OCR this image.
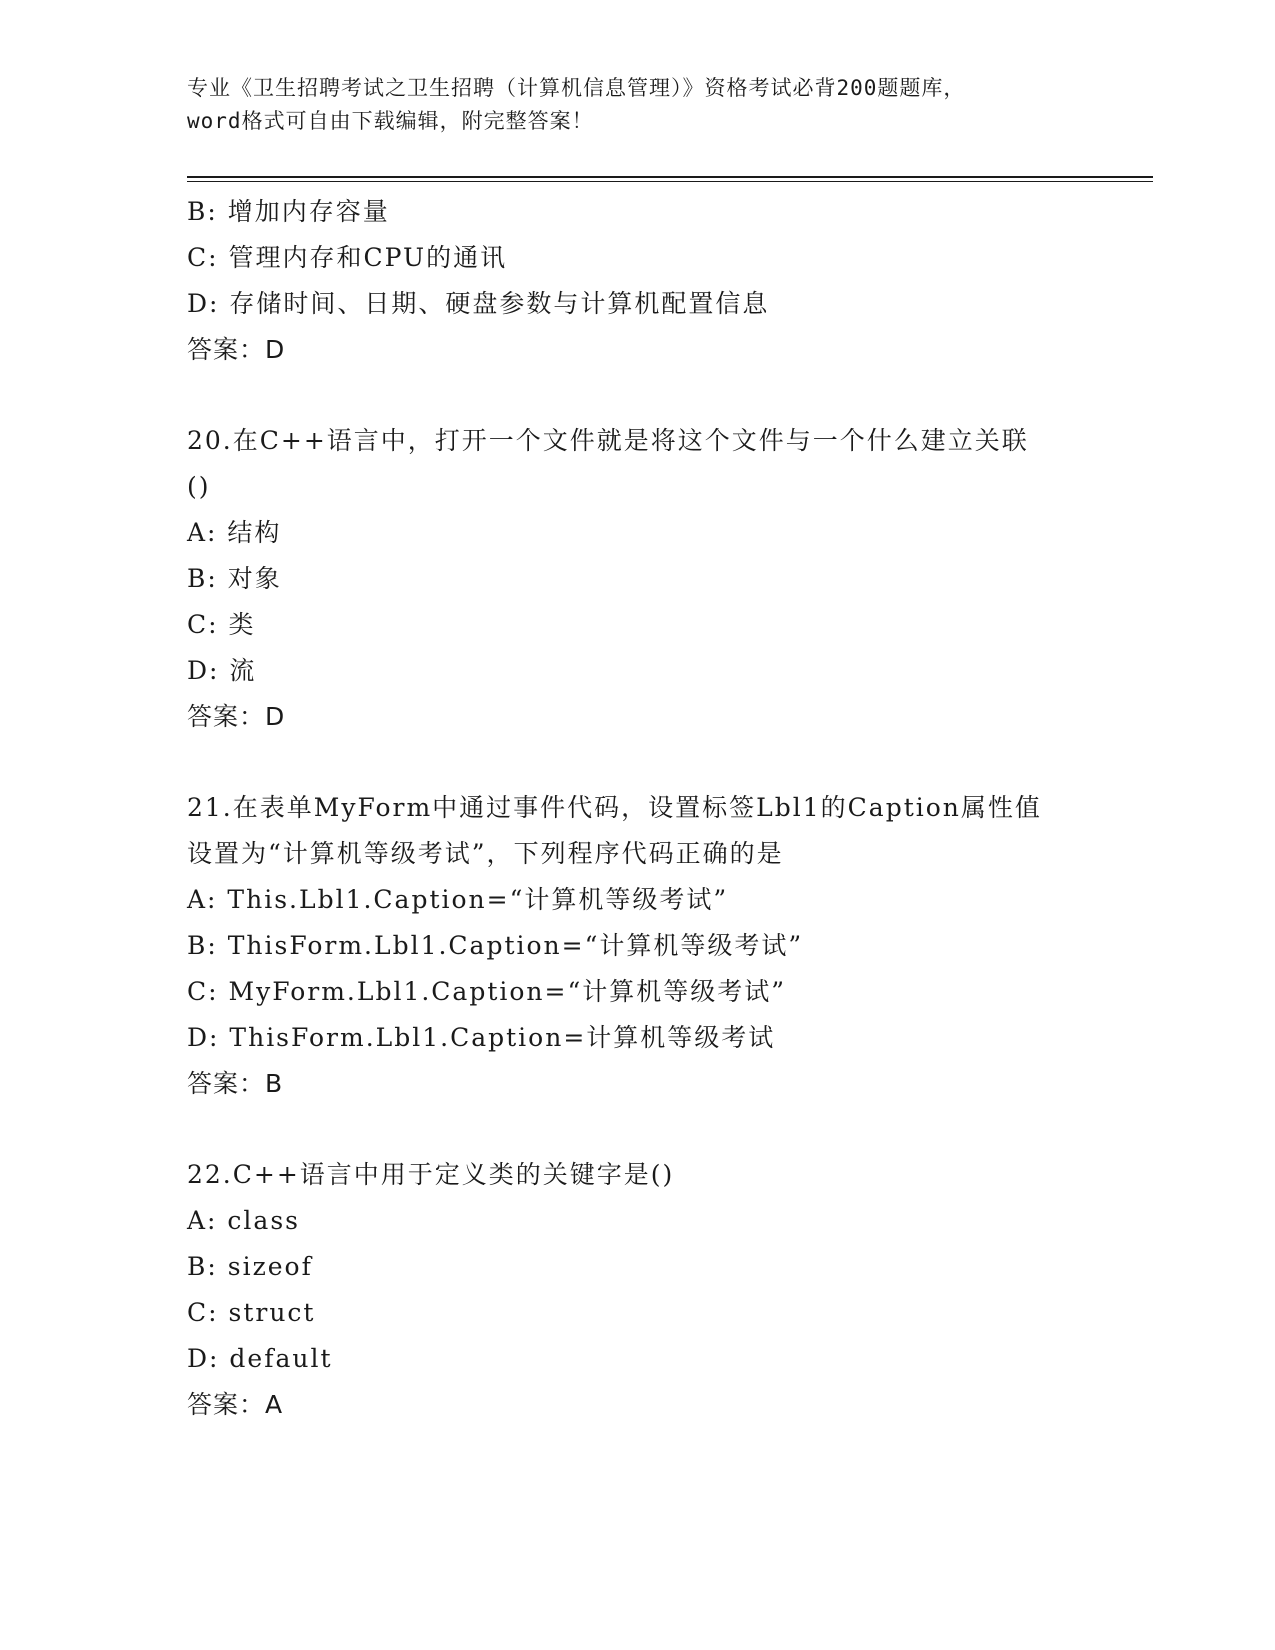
专业《卫生招聘考试之卫生招聘（计算机信息管理）》资格考试必背200题题库，
word格式可自由下载编辑，附完整答案！
B: 增加内存容量
C: 管理内存和CPU的通讯
D: 存储时间、日期、硬盘参数与计算机配置信息
答案：D
20.在C++语言中，打开一个文件就是将这个文件与一个什么建立关联
()
A: 结构
B: 对象
C: 类
D: 流
答案：D
21.在表单MyForm中通过事件代码，设置标签Lbl1的Caption属性值
设置为“计算机等级考试”，下列程序代码正确的是
A: This.Lbl1.Caption=“计算机等级考试”
B: ThisForm.Lbl1.Caption=“计算机等级考试”
C: MyForm.Lbl1.Caption=“计算机等级考试”
D: ThisForm.Lbl1.Caption=计算机等级考试
答案：B
22.C++语言中用于定义类的关键字是()
A: class
B: sizeof
C: struct
D: default
答案：A
